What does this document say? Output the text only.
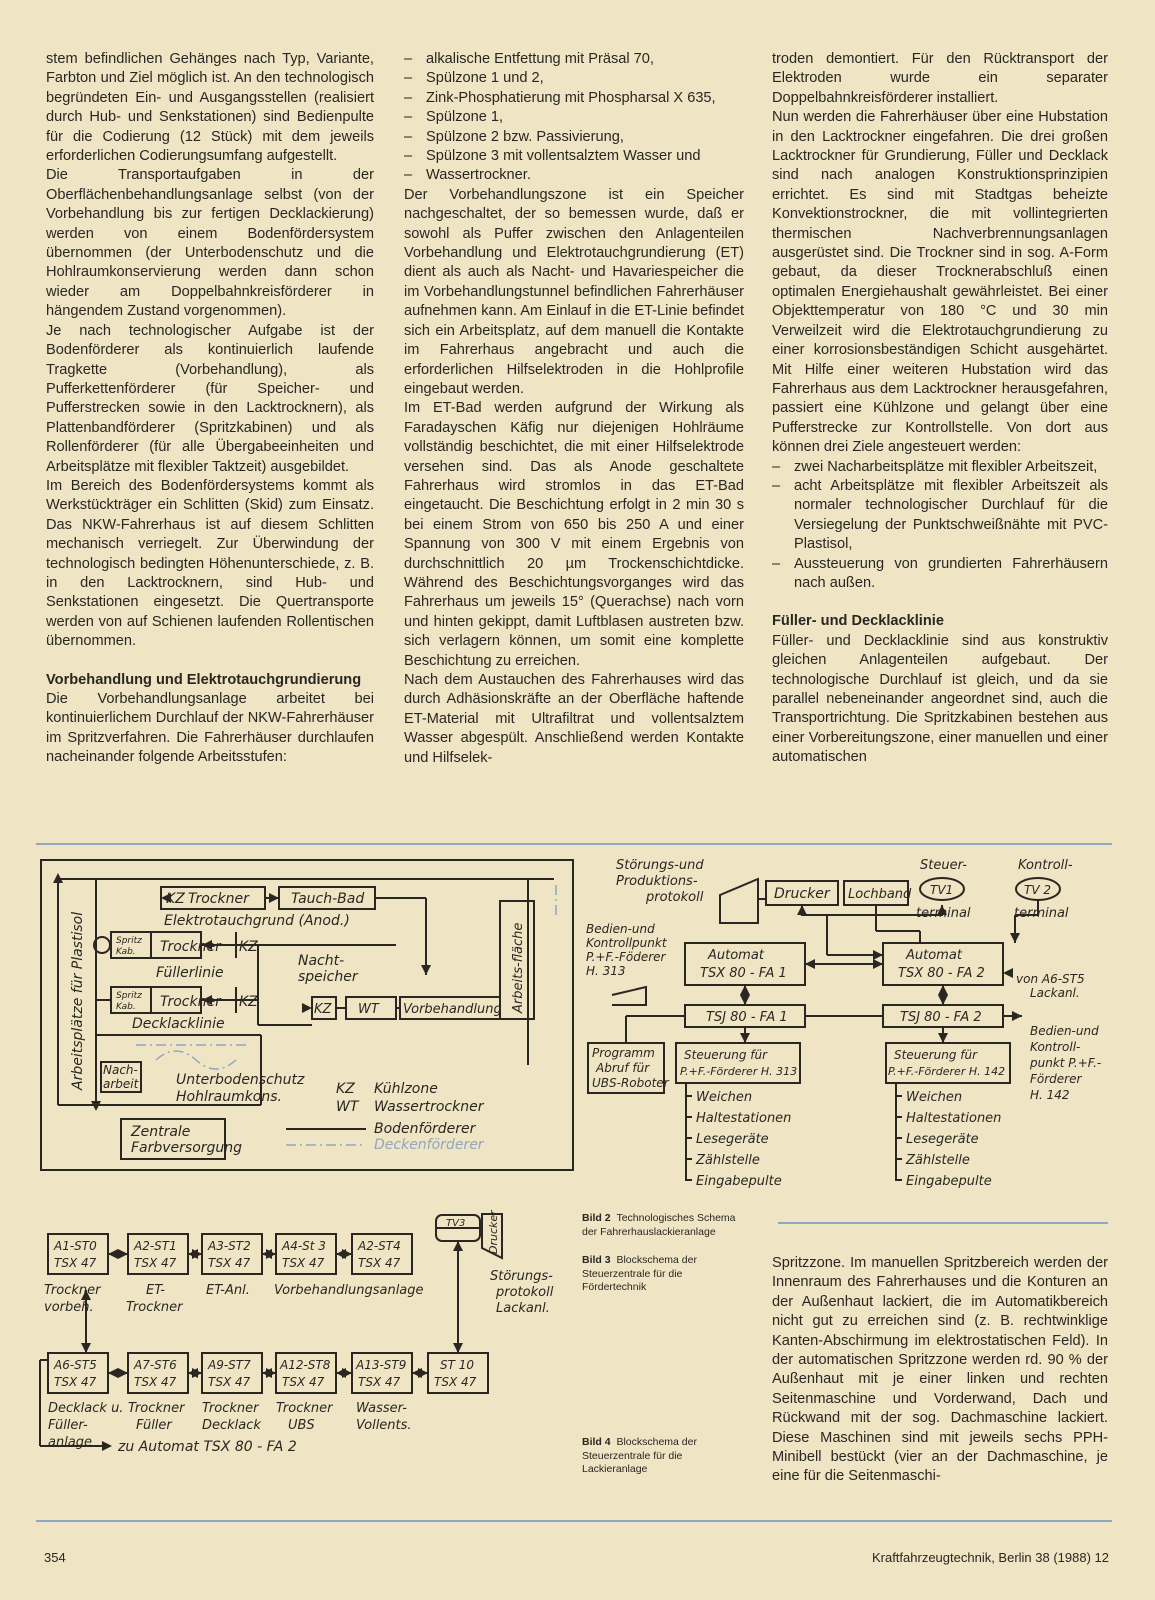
stem befindlichen Gehänges nach Typ, Variante, Farbton und Ziel möglich ist. An den technologisch begründeten Ein- und Ausgangsstellen (realisiert durch Hub- und Senkstationen) sind Bedienpulte für die Codierung (12 Stück) mit dem jeweils erforderlichen Codierungsumfang aufgestellt.

Die Transportaufgaben in der Oberflächenbehandlungsanlage selbst (von der Vorbehandlung bis zur fertigen Decklackierung) werden von einem Bodenfördersystem übernommen (der Unterbodenschutz und die Hohlraumkonservierung werden dann schon wieder am Doppelbahnkreisförderer in hängendem Zustand vorgenommen).

Je nach technologischer Aufgabe ist der Bodenförderer als kontinuierlich laufende Tragkette (Vorbehandlung), als Pufferkettenförderer (für Speicher- und Pufferstrecken sowie in den Lacktrocknern), als Plattenbandförderer (Spritzkabinen) und als Rollenförderer (für alle Übergabeeinheiten und Arbeitsplätze mit flexibler Taktzeit) ausgebildet.

Im Bereich des Bodenfördersystems kommt als Werkstückträger ein Schlitten (Skid) zum Einsatz. Das NKW-Fahrerhaus ist auf diesem Schlitten mechanisch verriegelt. Zur Überwindung der technologisch bedingten Höhenunterschiede, z. B. in den Lacktrocknern, sind Hub- und Senkstationen eingesetzt. Die Quertransporte werden von auf Schienen laufenden Rollentischen übernommen.

Vorbehandlung und Elektrotauchgrundierung

Die Vorbehandlungsanlage arbeitet bei kontinuierlichem Durchlauf der NKW-Fahrerhäuser im Spritzverfahren. Die Fahrerhäuser durchlaufen nacheinander folgende Arbeitsstufen:

– alkalische Entfettung mit Präsal 70,
– Spülzone 1 und 2,
– Zink-Phosphatierung mit Phospharsal X 635,
– Spülzone 1,
– Spülzone 2 bzw. Passivierung,
– Spülzone 3 mit vollentsalztem Wasser und
– Wassertrockner.

Der Vorbehandlungszone ist ein Speicher nachgeschaltet, der so bemessen wurde, daß er sowohl als Puffer zwischen den Anlagenteilen Vorbehandlung und Elektrotauchgrundierung (ET) dient als auch als Nacht- und Havariespeicher die im Vorbehandlungstunnel befindlichen Fahrerhäuser aufnehmen kann. Am Einlauf in die ET-Linie befindet sich ein Arbeitsplatz, auf dem manuell die Kontakte im Fahrerhaus angebracht und auch die erforderlichen Hilfselektroden in die Hohlprofile eingebaut werden.

Im ET-Bad werden aufgrund der Wirkung als Faradayschen Käfig nur diejenigen Hohlräume vollständig beschichtet, die mit einer Hilfselektrode versehen sind. Das als Anode geschaltete Fahrerhaus wird stromlos in das ET-Bad eingetaucht. Die Beschichtung erfolgt in 2 min 30 s bei einem Strom von 650 bis 250 A und einer Spannung von 300 V mit einem Ergebnis von durchschnittlich 20 µm Trockenschichtdicke. Während des Beschichtungsvorganges wird das Fahrerhaus um jeweils 15° (Querachse) nach vorn und hinten gekippt, damit Luftblasen austreten bzw. sich verlagern können, um somit eine komplette Beschichtung zu erreichen.

Nach dem Austauchen des Fahrerhauses wird das durch Adhäsionskräfte an der Oberfläche haftende ET-Material mit Ultrafiltrat und vollentsalztem Wasser abgespült. Anschließend werden Kontakte und Hilfselek-

troden demontiert. Für den Rücktransport der Elektroden wurde ein separater Doppelbahnkreisförderer installiert.

Nun werden die Fahrerhäuser über eine Hubstation in den Lacktrockner eingefahren. Die drei großen Lacktrockner für Grundierung, Füller und Decklack sind nach analogen Konstruktionsprinzipien errichtet. Es sind mit Stadtgas beheizte Konvektionstrockner, die mit vollintegrierten thermischen Nachverbrennungsanlagen ausgerüstet sind. Die Trockner sind in sog. A-Form gebaut, da dieser Trocknerabschluß einen optimalen Energiehaushalt gewährleistet. Bei einer Objekttemperatur von 180 °C und 30 min Verweilzeit wird die Elektrotauchgrundierung zu einer korrosionsbeständigen Schicht ausgehärtet. Mit Hilfe einer weiteren Hubstation wird das Fahrerhaus aus dem Lacktrockner herausgefahren, passiert eine Kühlzone und gelangt über eine Pufferstrecke zur Kontrollstelle. Von dort aus können drei Ziele angesteuert werden:

– zwei Nacharbeitsplätze mit flexibler Arbeitszeit,
– acht Arbeitsplätze mit flexibler Arbeitszeit als normaler technologischer Durchlauf für die Versiegelung der Punktschweißnähte mit PVC-Plastisol,
– Aussteuerung von grundierten Fahrerhäusern nach außen.

Füller- und Decklacklinie

Füller- und Decklacklinie sind aus konstruktiv gleichen Anlagenteilen aufgebaut. Der technologische Durchlauf ist gleich, und da sie parallel nebeneinander angeordnet sind, auch die Transportrichtung. Die Spritzkabinen bestehen aus einer Vorbereitungszone, einer manuellen und einer automatischen

Arbeitsplätze für Plastisol
KZ Trockner	Tauch-Bad
Elektrotauchgrund (Anod.)
Spritz
Kab. Trockner KZ
Füllerlinie
Nacht-
speicher	Arbeits-fläche
Spritz
Kab. Trockner KZ
Decklacklinie
KZ WT Vorbehandlung
Nach-
arbeit	Unterbodenschutz
Hohlraumkons.
Zentrale
Farbversorgung
KZ Kühlzone
WT Wassertrockner
Bodenförderer
Deckenförderer
Störungs-und
Produktions-
protokoll	Drucker Lochband
Steuer-
TV1
terminal
Kontroll-
TV 2
terminal
Bedien-und
Kontrollpunkt
P.+F.-Föderer
H. 313
Automat
TSX 80 - FA 1
Automat
TSX 80 - FA 2	von A6-ST5
Lackanl.
TSJ 80 - FA 1	TSJ 80 - FA 2
Programm
Abruf für
UBS-Roboter
Steuerung für
P.+F.-Förderer H. 313
Steuerung für
P.+F.-Förderer H. 142
Bedien-und
Kontroll-
punkt P.+F.-
Förderer
H. 142
Weichen
Haltestationen
Lesegeräte
Zählstelle
Eingabepulte
Weichen
Haltestationen
Lesegeräte
Zählstelle
Eingabepulte
A1-ST0
TSX 47
A2-ST1
TSX 47
A3-ST2
TSX 47
A4-St 3
TSX 47
A2-ST4
TSX 47
A6-ST5
TSX 47
A7-ST6
TSX 47
A9-ST7
TSX 47
A12-ST8
TSX 47
A13-ST9
TSX 47
ST 10
TSX 47
Trockner
vorbeh.
ET-
Trockner
ET-Anl. Vorbehandlungsanlage
Decklack u.
Füller-
anlage
Trockner
Füller
Trockner
Decklack
Trockner
UBS
Wasser-
Vollents.
TV3 Drucker
Störungs-
protokoll
Lackanl.
zu Automat TSX 80 - FA 2
Bild 2 Technologisches Schema der Fahrerhauslackieranlage
Bild 3 Blockschema der Steuerzentrale für die Fördertechnik
Bild 4 Blockschema der Steuerzentrale für die Lackieranlage

Spritzzone. Im manuellen Spritzbereich werden der Innenraum des Fahrerhauses und die Konturen an der Außenhaut lackiert, die im Automatikbereich nicht gut zu erreichen sind (z. B. rechtwinklige Kanten-Abschirmung im elektrostatischen Feld). In der automatischen Spritzzone werden rd. 90 % der Außenhaut mit je einer linken und rechten Seitenmaschine und Vorderwand, Dach und Rückwand mit der sog. Dachmaschine lackiert. Diese Maschinen sind mit jeweils sechs PPH-Minibell bestückt (vier an der Dachmaschine, je eine für die Seitenmaschi-

354	Kraftfahrzeugtechnik, Berlin 38 (1988) 12
